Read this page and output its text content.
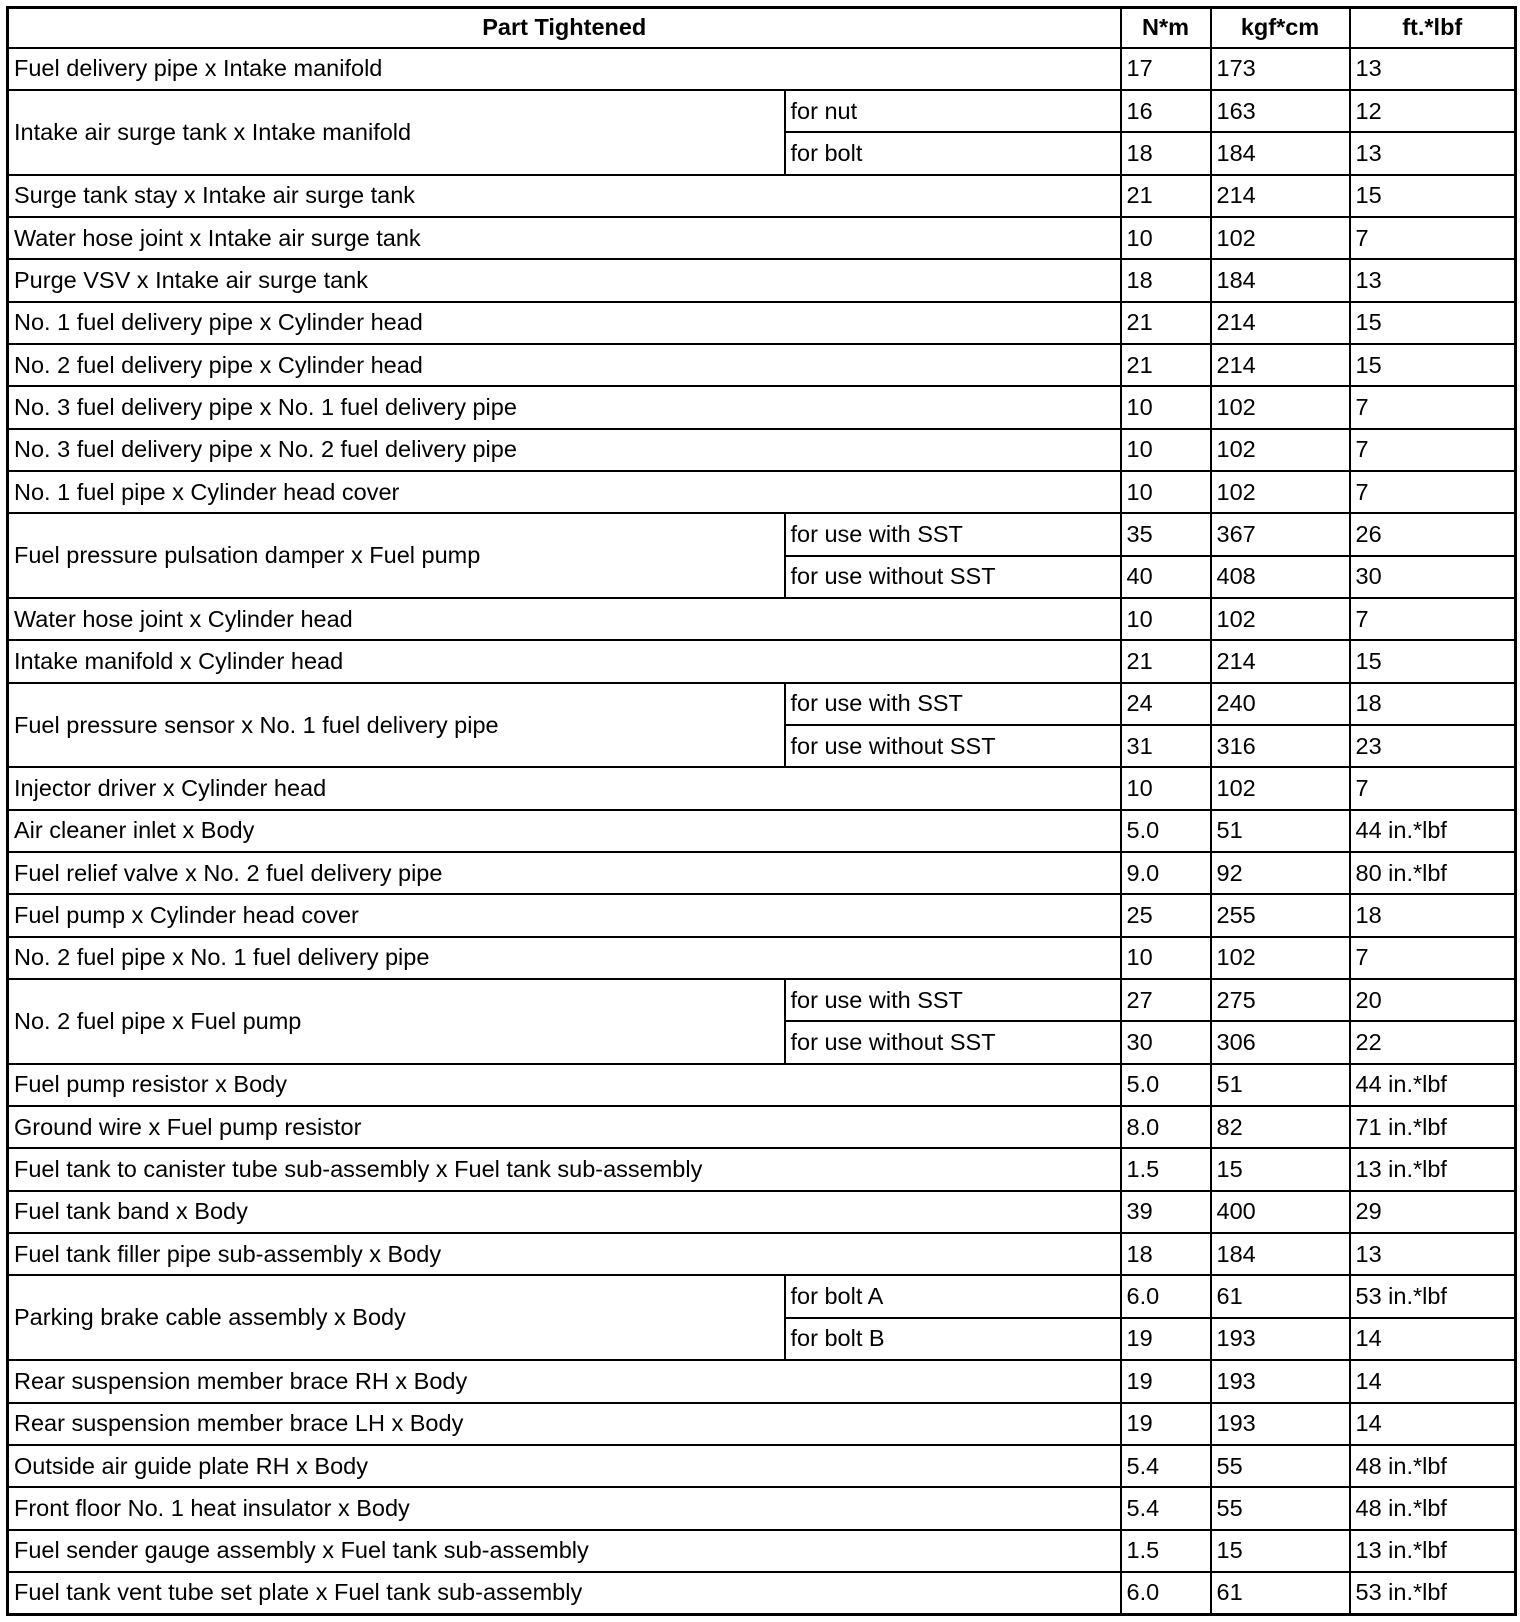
Part Tightened		N*m	kgf*cm	ft.*lbf
Fuel delivery pipe x Intake manifold		17	173	13
Intake air surge tank x Intake manifold	for nut	16	163	12
	for bolt	18	184	13
Surge tank stay x Intake air surge tank		21	214	15
Water hose joint x Intake air surge tank		10	102	7
Purge VSV x Intake air surge tank		18	184	13
No. 1 fuel delivery pipe x Cylinder head		21	214	15
No. 2 fuel delivery pipe x Cylinder head		21	214	15
No. 3 fuel delivery pipe x No. 1 fuel delivery pipe		10	102	7
No. 3 fuel delivery pipe x No. 2 fuel delivery pipe		10	102	7
No. 1 fuel pipe x Cylinder head cover		10	102	7
Fuel pressure pulsation damper x Fuel pump	for use with SST	35	367	26
	for use without SST	40	408	30
Water hose joint x Cylinder head		10	102	7
Intake manifold x Cylinder head		21	214	15
Fuel pressure sensor x No. 1 fuel delivery pipe	for use with SST	24	240	18
	for use without SST	31	316	23
Injector driver x Cylinder head		10	102	7
Air cleaner inlet x Body		5.0	51	44 in.*lbf
Fuel relief valve x No. 2 fuel delivery pipe		9.0	92	80 in.*lbf
Fuel pump x Cylinder head cover		25	255	18
No. 2 fuel pipe x No. 1 fuel delivery pipe		10	102	7
No. 2 fuel pipe x Fuel pump	for use with SST	27	275	20
	for use without SST	30	306	22
Fuel pump resistor x Body		5.0	51	44 in.*lbf
Ground wire x Fuel pump resistor		8.0	82	71 in.*lbf
Fuel tank to canister tube sub-assembly x Fuel tank sub-assembly		1.5	15	13 in.*lbf
Fuel tank band x Body		39	400	29
Fuel tank filler pipe sub-assembly x Body		18	184	13
Parking brake cable assembly x Body	for bolt A	6.0	61	53 in.*lbf
	for bolt B	19	193	14
Rear suspension member brace RH x Body		19	193	14
Rear suspension member brace LH x Body		19	193	14
Outside air guide plate RH x Body		5.4	55	48 in.*lbf
Front floor No. 1 heat insulator x Body		5.4	55	48 in.*lbf
Fuel sender gauge assembly x Fuel tank sub-assembly		1.5	15	13 in.*lbf
Fuel tank vent tube set plate x Fuel tank sub-assembly		6.0	61	53 in.*lbf
